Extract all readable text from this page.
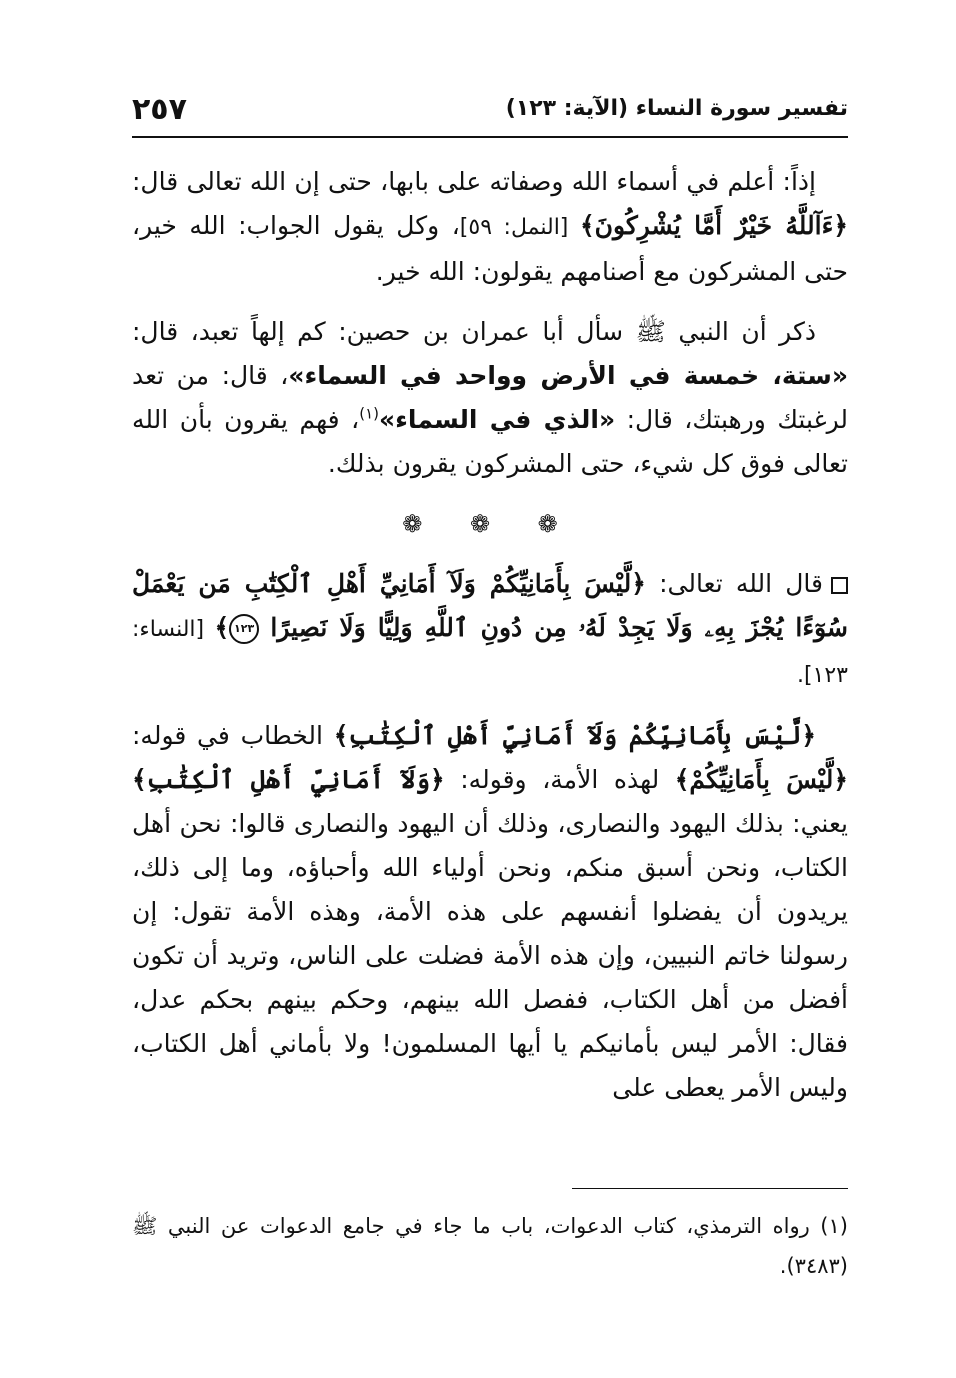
تفسير سورة النساء (الآية: ١٢٣)
٢٥٧

إذاً: أعلم في أسماء الله وصفاته على بابها، حتى إن الله تعالى قال: ﴿ءَآللَّهُ خَيْرٌ أَمَّا يُشْرِكُونَ﴾ [النمل: ٥٩]، وكل يقول الجواب: الله خير، حتى المشركون مع أصنامهم يقولون: الله خير.

ذكر أن النبي ﷺ سأل أبا عمران بن حصين: كم إلهاً تعبد، قال: «ستة، خمسة في الأرض وواحد في السماء»، قال: من تعد لرغبتك ورهبتك، قال: «الذي في السماء»$^{(١)}$، فهم يقرون بأن الله تعالى فوق كل شيء، حتى المشركون يقرون بذلك.

❁ ❁ ❁

قال الله تعالى: ﴿لَّيْسَ بِأَمَانِيِّكُمْ وَلَآ أَمَانِيِّ أَهْلِ ٱلْكِتَٰبِ مَن يَعْمَلْ سُوٓءًا يُجْزَ بِهِۦ وَلَا يَجِدْ لَهُۥ مِن دُونِ ٱللَّهِ وَلِيًّا وَلَا نَصِيرًا ١٢٣﴾ [النساء: ١٢٣].

﴿لَّيْسَ بِأَمَانِيِّكُمْ وَلَآ أَمَانِيِّ أَهْلِ ٱلْكِتَٰبِ﴾ الخطاب في قوله: ﴿لَّيْسَ بِأَمَانِيِّكُمْ﴾ لهذه الأمة، وقوله: ﴿وَلَآ أَمَانِيِّ أَهْلِ ٱلْكِتَٰبِ﴾ يعني: بذلك اليهود والنصارى، وذلك أن اليهود والنصارى قالوا: نحن أهل الكتاب، ونحن أسبق منكم، ونحن أولياء الله وأحباؤه، وما إلى ذلك، يريدون أن يفضلوا أنفسهم على هذه الأمة، وهذه الأمة تقول: إن رسولنا خاتم النبيين، وإن هذه الأمة فضلت على الناس، وتريد أن تكون أفضل من أهل الكتاب، ففصل الله بينهم، وحكم بينهم بحكم عدل، فقال: الأمر ليس بأمانيكم يا أيها المسلمون! ولا بأماني أهل الكتاب، وليس الأمر يعطى على

(١) رواه الترمذي، كتاب الدعوات، باب ما جاء في جامع الدعوات عن النبي ﷺ (٣٤٨٣).
